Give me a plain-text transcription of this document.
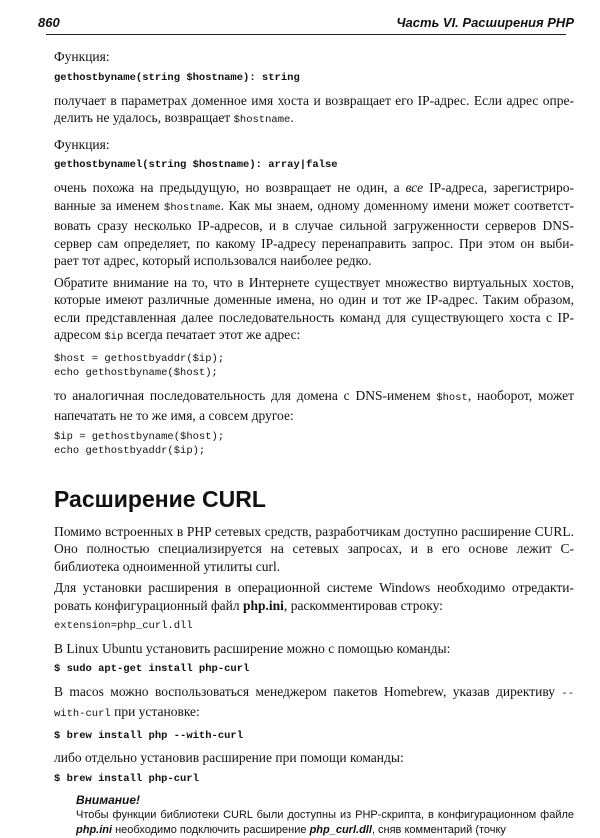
860	Часть VI. Расширения PHP

Функция:

gethostbyname(string $hostname): string

получает в параметрах доменное имя хоста и возвращает его IP-адрес. Если адрес опре-делить не удалось, возвращает $hostname.

Функция:

gethostbynamel(string $hostname): array|false

очень похожа на предыдущую, но возвращает не один, а все IP-адреса, зарегистриро-ванные за именем $hostname. Как мы знаем, одному доменному имени может соответст-вовать сразу несколько IP-адресов, и в случае сильной загруженности серверов DNS-сервер сам определяет, по какому IP-адресу перенаправить запрос. При этом он выби-рает тот адрес, который использовался наиболее редко.

Обратите внимание на то, что в Интернете существует множество виртуальных хостов, которые имеют различные доменные имена, но один и тот же IP-адрес. Таким образом, если представленная далее последовательность команд для существующего хоста с IP-адресом $ip всегда печатает этот же адрес:

$host = gethostbyaddr($ip);
echo gethostbyname($host);

то аналогичная последовательность для домена с DNS-именем $host, наоборот, может напечатать не то же имя, а совсем другое:

$ip = gethostbyname($host);
echo gethostbyaddr($ip);
Расширение CURL

Помимо встроенных в PHP сетевых средств, разработчикам доступно расширение CURL. Оно полностью специализируется на сетевых запросах, и в его основе лежит С-библиотека одноименной утилиты curl.

Для установки расширения в операционной системе Windows необходимо отредакти-ровать конфигурационный файл php.ini, раскомментировав строку:

extension=php_curl.dll

В Linux Ubuntu установить расширение можно с помощью команды:

$ sudo apt-get install php-curl

В macos можно воспользоваться менеджером пакетов Homebrew, указав директиву --with-curl при установке:

$ brew install php --with-curl

либо отдельно установив расширение при помощи команды:

$ brew install php-curl
Внимание!

Чтобы функции библиотеки CURL были доступны из PHP-скрипта, в конфигурационном файле php.ini необходимо подключить расширение php_curl.dll, сняв комментарий (точку
